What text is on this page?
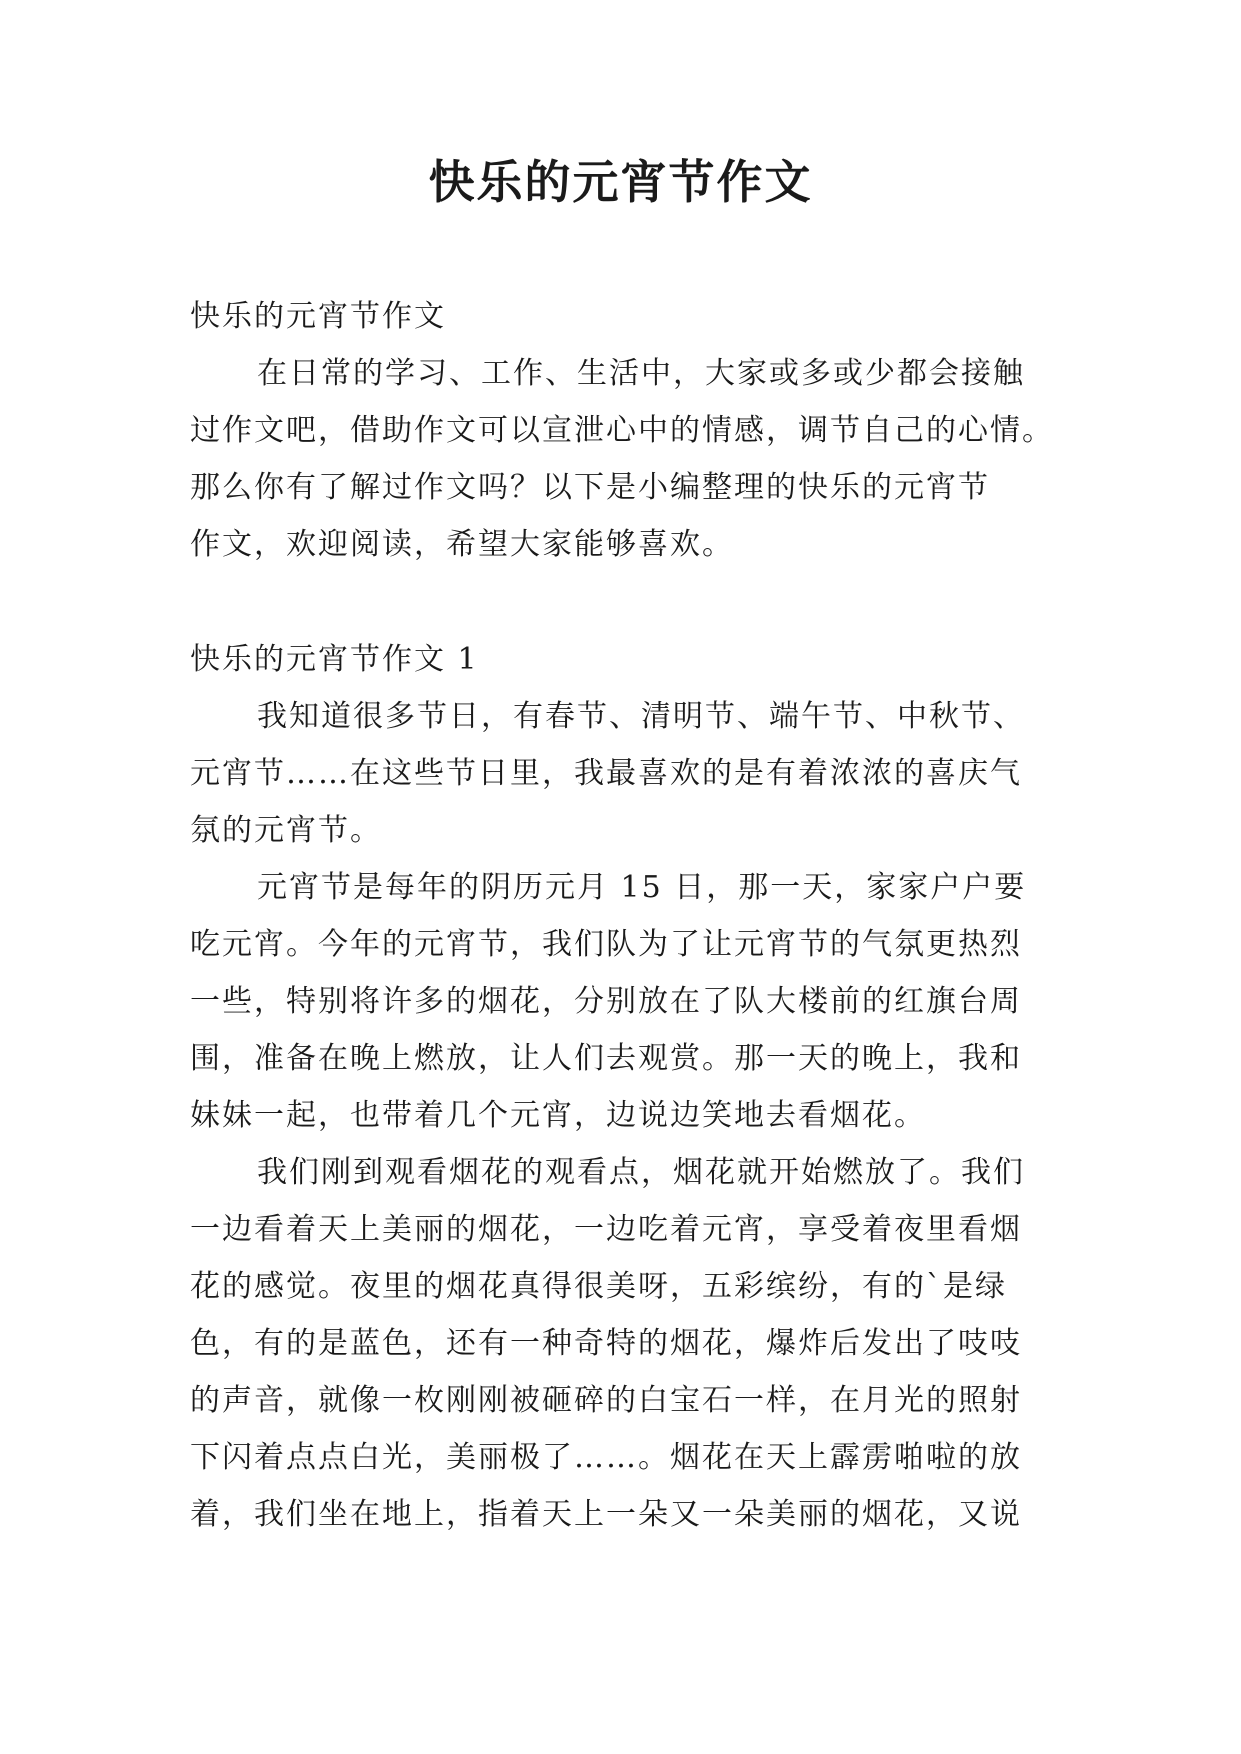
快乐的元宵节作文
快乐的元宵节作文
在日常的学习、工作、生活中，大家或多或少都会接触
过作文吧，借助作文可以宣泄心中的情感，调节自己的心情。
那么你有了解过作文吗？以下是小编整理的快乐的元宵节
作文，欢迎阅读，希望大家能够喜欢。
快乐的元宵节作文 1
我知道很多节日，有春节、清明节、端午节、中秋节、
元宵节……在这些节日里，我最喜欢的是有着浓浓的喜庆气
氛的元宵节。
元宵节是每年的阴历元月 15 日，那一天，家家户户要
吃元宵。今年的元宵节，我们队为了让元宵节的气氛更热烈
一些，特别将许多的烟花，分别放在了队大楼前的红旗台周
围，准备在晚上燃放，让人们去观赏。那一天的晚上，我和
妹妹一起，也带着几个元宵，边说边笑地去看烟花。
我们刚到观看烟花的观看点，烟花就开始燃放了。我们
一边看着天上美丽的烟花，一边吃着元宵，享受着夜里看烟
花的感觉。夜里的烟花真得很美呀，五彩缤纷，有的`是绿
色，有的是蓝色，还有一种奇特的烟花，爆炸后发出了吱吱
的声音，就像一枚刚刚被砸碎的白宝石一样，在月光的照射
下闪着点点白光，美丽极了……。烟花在天上霹雳啪啦的放
着，我们坐在地上，指着天上一朵又一朵美丽的烟花，又说
